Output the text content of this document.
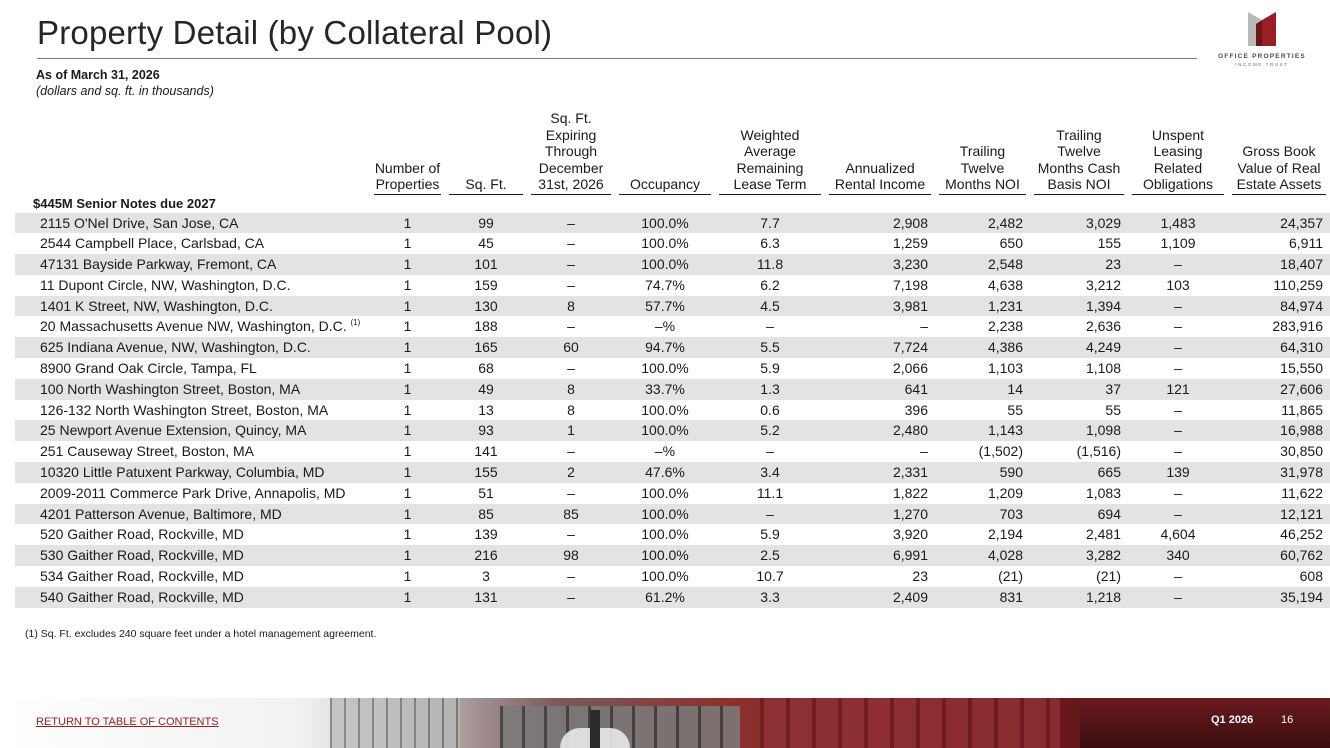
Property Detail (by Collateral Pool)
OFFICE PROPERTIES
INCOME TRUST
As of March 31, 2026
(dollars and sq. ft. in thousands)

	Number of Properties	Sq. Ft.	Sq. Ft. Expiring Through December 31st, 2026	Occupancy	Weighted Average Remaining Lease Term	Annualized Rental Income	Trailing Twelve Months NOI	Trailing Twelve Months Cash Basis NOI	Unspent Leasing Related Obligations	Gross Book Value of Real Estate Assets

$445M Senior Notes due 2027										
2115 O'Nel Drive, San Jose, CA	1	99	–	100.0%	7.7	2,908	2,482	3,029	1,483	24,357
2544 Campbell Place, Carlsbad, CA	1	45	–	100.0%	6.3	1,259	650	155	1,109	6,911
47131 Bayside Parkway, Fremont, CA	1	101	–	100.0%	11.8	3,230	2,548	23	–	18,407
11 Dupont Circle, NW, Washington, D.C.	1	159	–	74.7%	6.2	7,198	4,638	3,212	103	110,259
1401 K Street, NW, Washington, D.C.	1	130	8	57.7%	4.5	3,981	1,231	1,394	–	84,974
20 Massachusetts Avenue NW, Washington, D.C. $^{(1)}$	1	188	–	–%	–	–	2,238	2,636	–	283,916
625 Indiana Avenue, NW, Washington, D.C.	1	165	60	94.7%	5.5	7,724	4,386	4,249	–	64,310
8900 Grand Oak Circle, Tampa, FL	1	68	–	100.0%	5.9	2,066	1,103	1,108	–	15,550
100 North Washington Street, Boston, MA	1	49	8	33.7%	1.3	641	14	37	121	27,606
126-132 North Washington Street, Boston, MA	1	13	8	100.0%	0.6	396	55	55	–	11,865
25 Newport Avenue Extension, Quincy, MA	1	93	1	100.0%	5.2	2,480	1,143	1,098	–	16,988
251 Causeway Street, Boston, MA	1	141	–	–%	–	–	(1,502)	(1,516)	–	30,850
10320 Little Patuxent Parkway, Columbia, MD	1	155	2	47.6%	3.4	2,331	590	665	139	31,978
2009-2011 Commerce Park Drive, Annapolis, MD	1	51	–	100.0%	11.1	1,822	1,209	1,083	–	11,622
4201 Patterson Avenue, Baltimore, MD	1	85	85	100.0%	–	1,270	703	694	–	12,121
520 Gaither Road, Rockville, MD	1	139	–	100.0%	5.9	3,920	2,194	2,481	4,604	46,252
530 Gaither Road, Rockville, MD	1	216	98	100.0%	2.5	6,991	4,028	3,282	340	60,762
534 Gaither Road, Rockville, MD	1	3	–	100.0%	10.7	23	(21)	(21)	–	608
540 Gaither Road, Rockville, MD	1	131	–	61.2%	3.3	2,409	831	1,218	–	35,194
(1) Sq. Ft. excludes 240 square feet under a hotel management agreement.
RETURN TO TABLE OF CONTENTS	Q1 2026	16
